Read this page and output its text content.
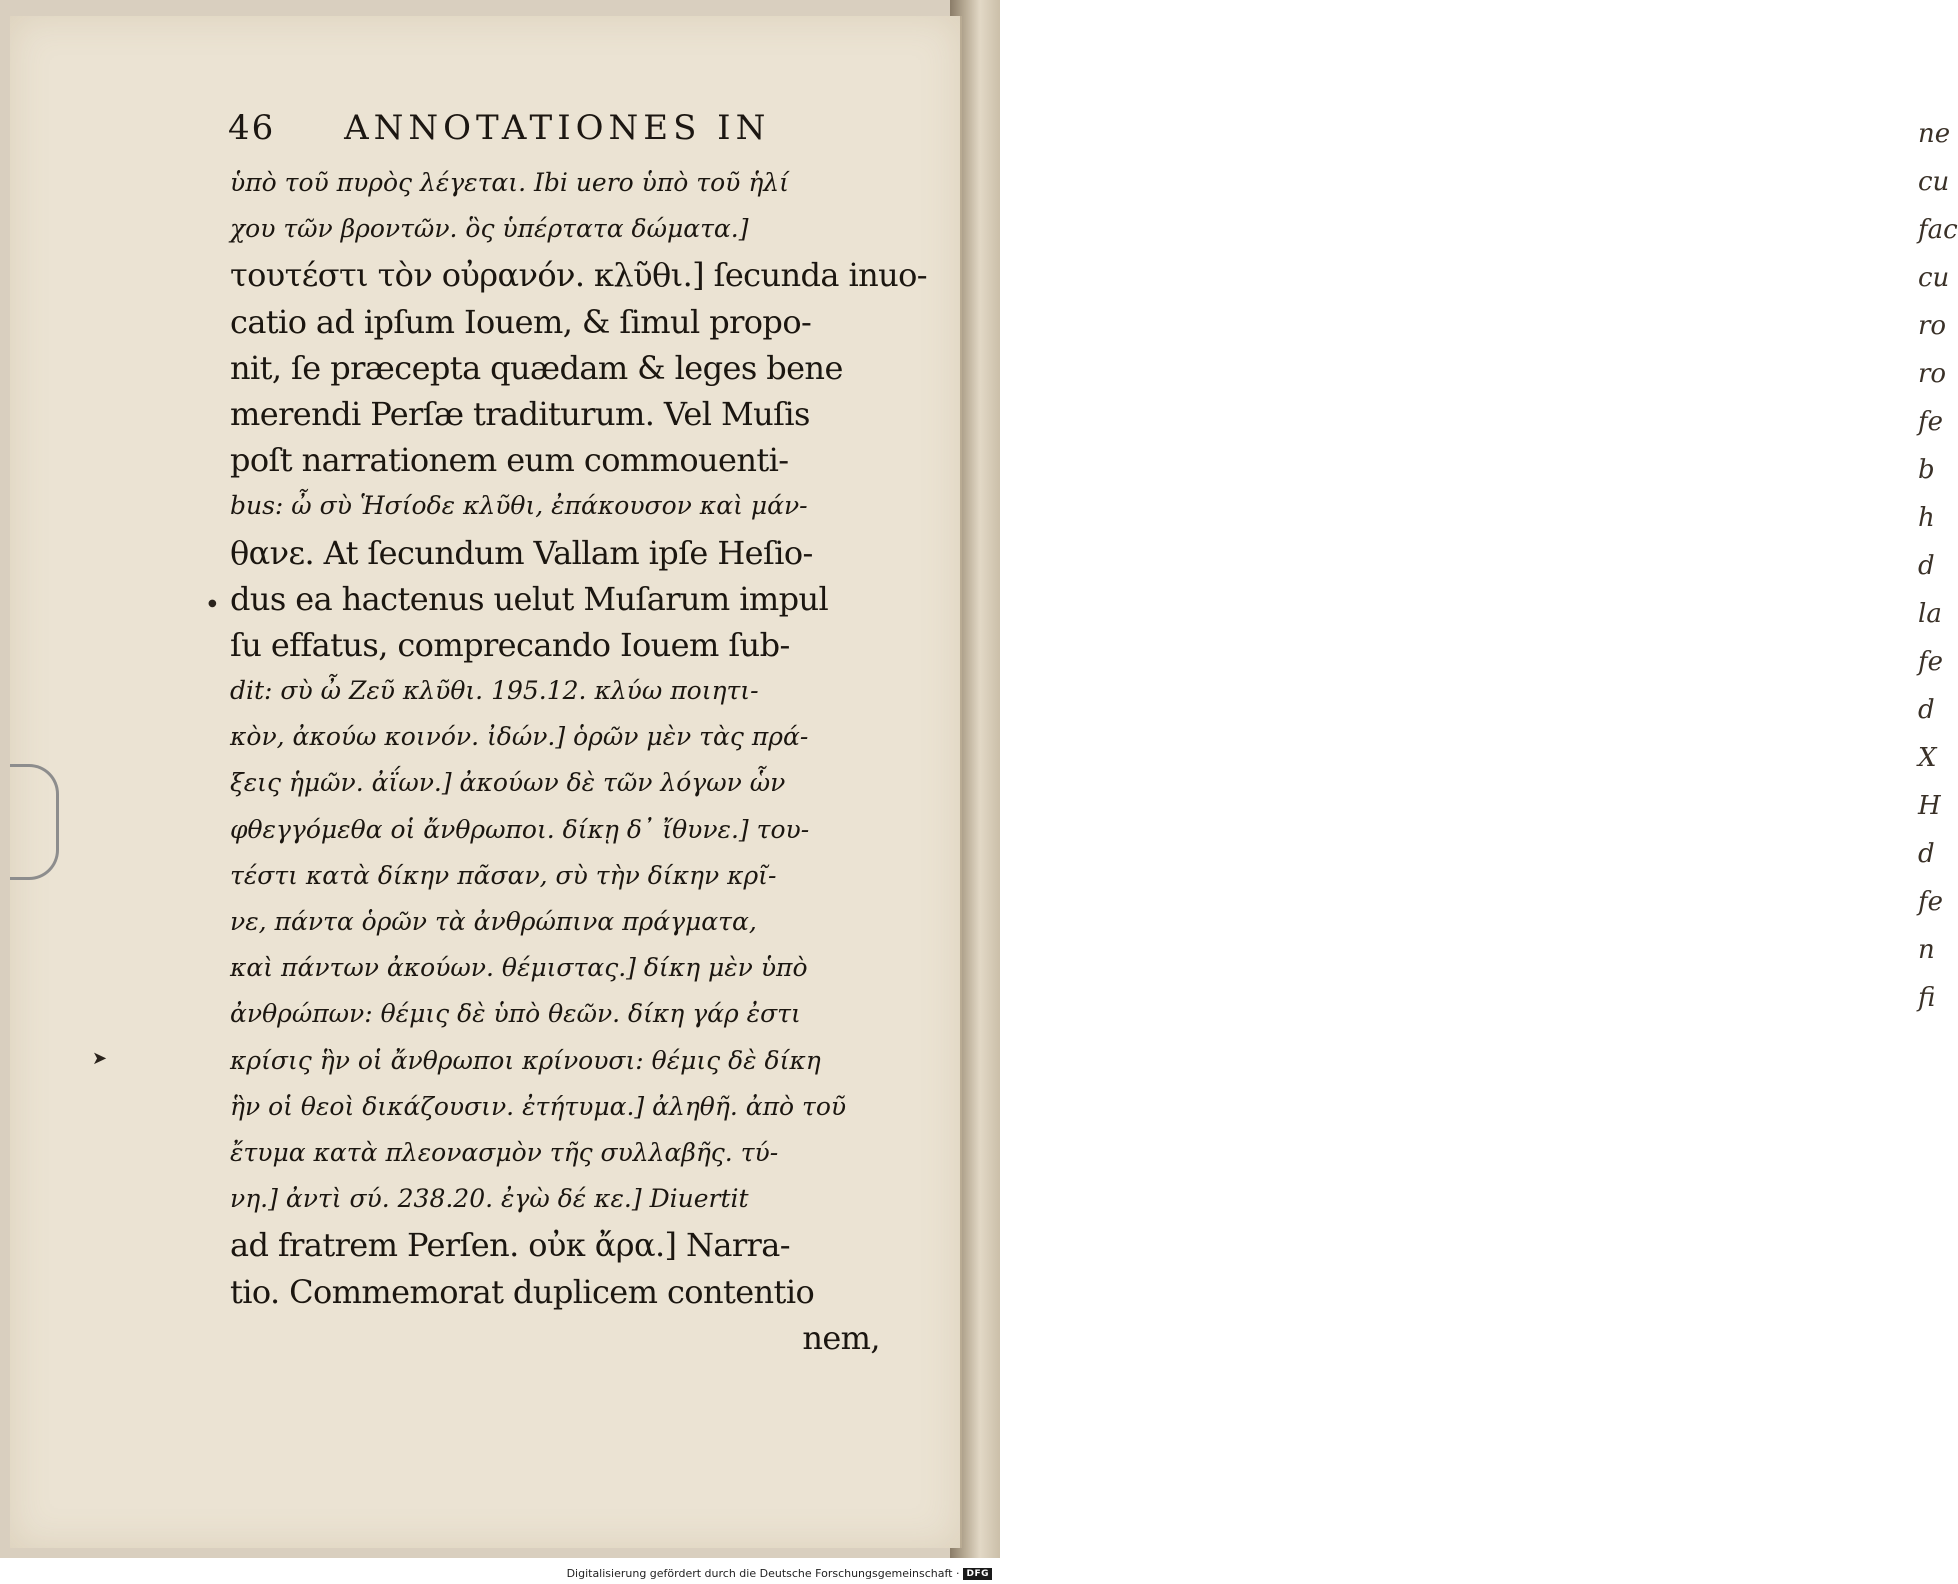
ne
cu
fac
cu
ro
ro
fe
b
h
d
la
fe
d
X
H
d
fe
n
fi
46 ANNOTATIONES IN
ὑπὸ τοῦ πυρὸς λέγεται. Ibi uero ὑπὸ τοῦ ἡλί
χου τῶν βροντῶν. ὃς ὑπέρτατα δώματα.]
τουτέστι τὸν οὐρανόν. κλῦθι.] ſecunda inuo-
catio ad ipſum Iouem, & ſimul propo-
nit, ſe præcepta quædam & leges bene
merendi Perſæ traditurum. Vel Muſis
poſt narrationem eum commouenti-
bus: ὦ σὺ Ἡσίοδε κλῦθι, ἐπάκουσον καὶ μάν-
θανε. At ſecundum Vallam ipſe Heſio-
dus ea hactenus uelut Muſarum impul
ſu effatus, comprecando Iouem ſub-
dit: σὺ ὦ Ζεῦ κλῦθι. 195.12. κλύω ποιητι-
κὸν, ἀκούω κοινόν. ἰδών.] ὁρῶν μὲν τὰς πρά-
ξεις ἡμῶν. ἀΐων.] ἀκούων δὲ τῶν λόγων ὧν
φθεγγόμεθα οἱ ἄνθρωποι. δίκῃ δ᾽ ἴθυνε.] του-
τέστι κατὰ δίκην πᾶσαν, σὺ τὴν δίκην κρῖ-
νε, πάντα ὁρῶν τὰ ἀνθρώπινα πράγματα,
καὶ πάντων ἀκούων. θέμιστας.] δίκη μὲν ὑπὸ
ἀνθρώπων: θέμις δὲ ὑπὸ θεῶν. δίκη γάρ ἐστι
κρίσις ἣν οἱ ἄνθρωποι κρίνουσι: θέμις δὲ δίκη
ἣν οἱ θεοὶ δικάζουσιν. ἐτήτυμα.] ἀληθῆ. ἀπὸ τοῦ
ἔτυμα κατὰ πλεονασμὸν τῆς συλλαβῆς. τύ-
νη.] ἀντὶ σύ. 238.20. ἐγὼ δέ κε.] Diuertit
ad fratrem Perſen. οὐκ ἄρα.] Narra-
tio. Commemorat duplicem contentio
nem,
➤
●
Digitalisierung gefördert durch die Deutsche Forschungsgemeinschaft · DFG
